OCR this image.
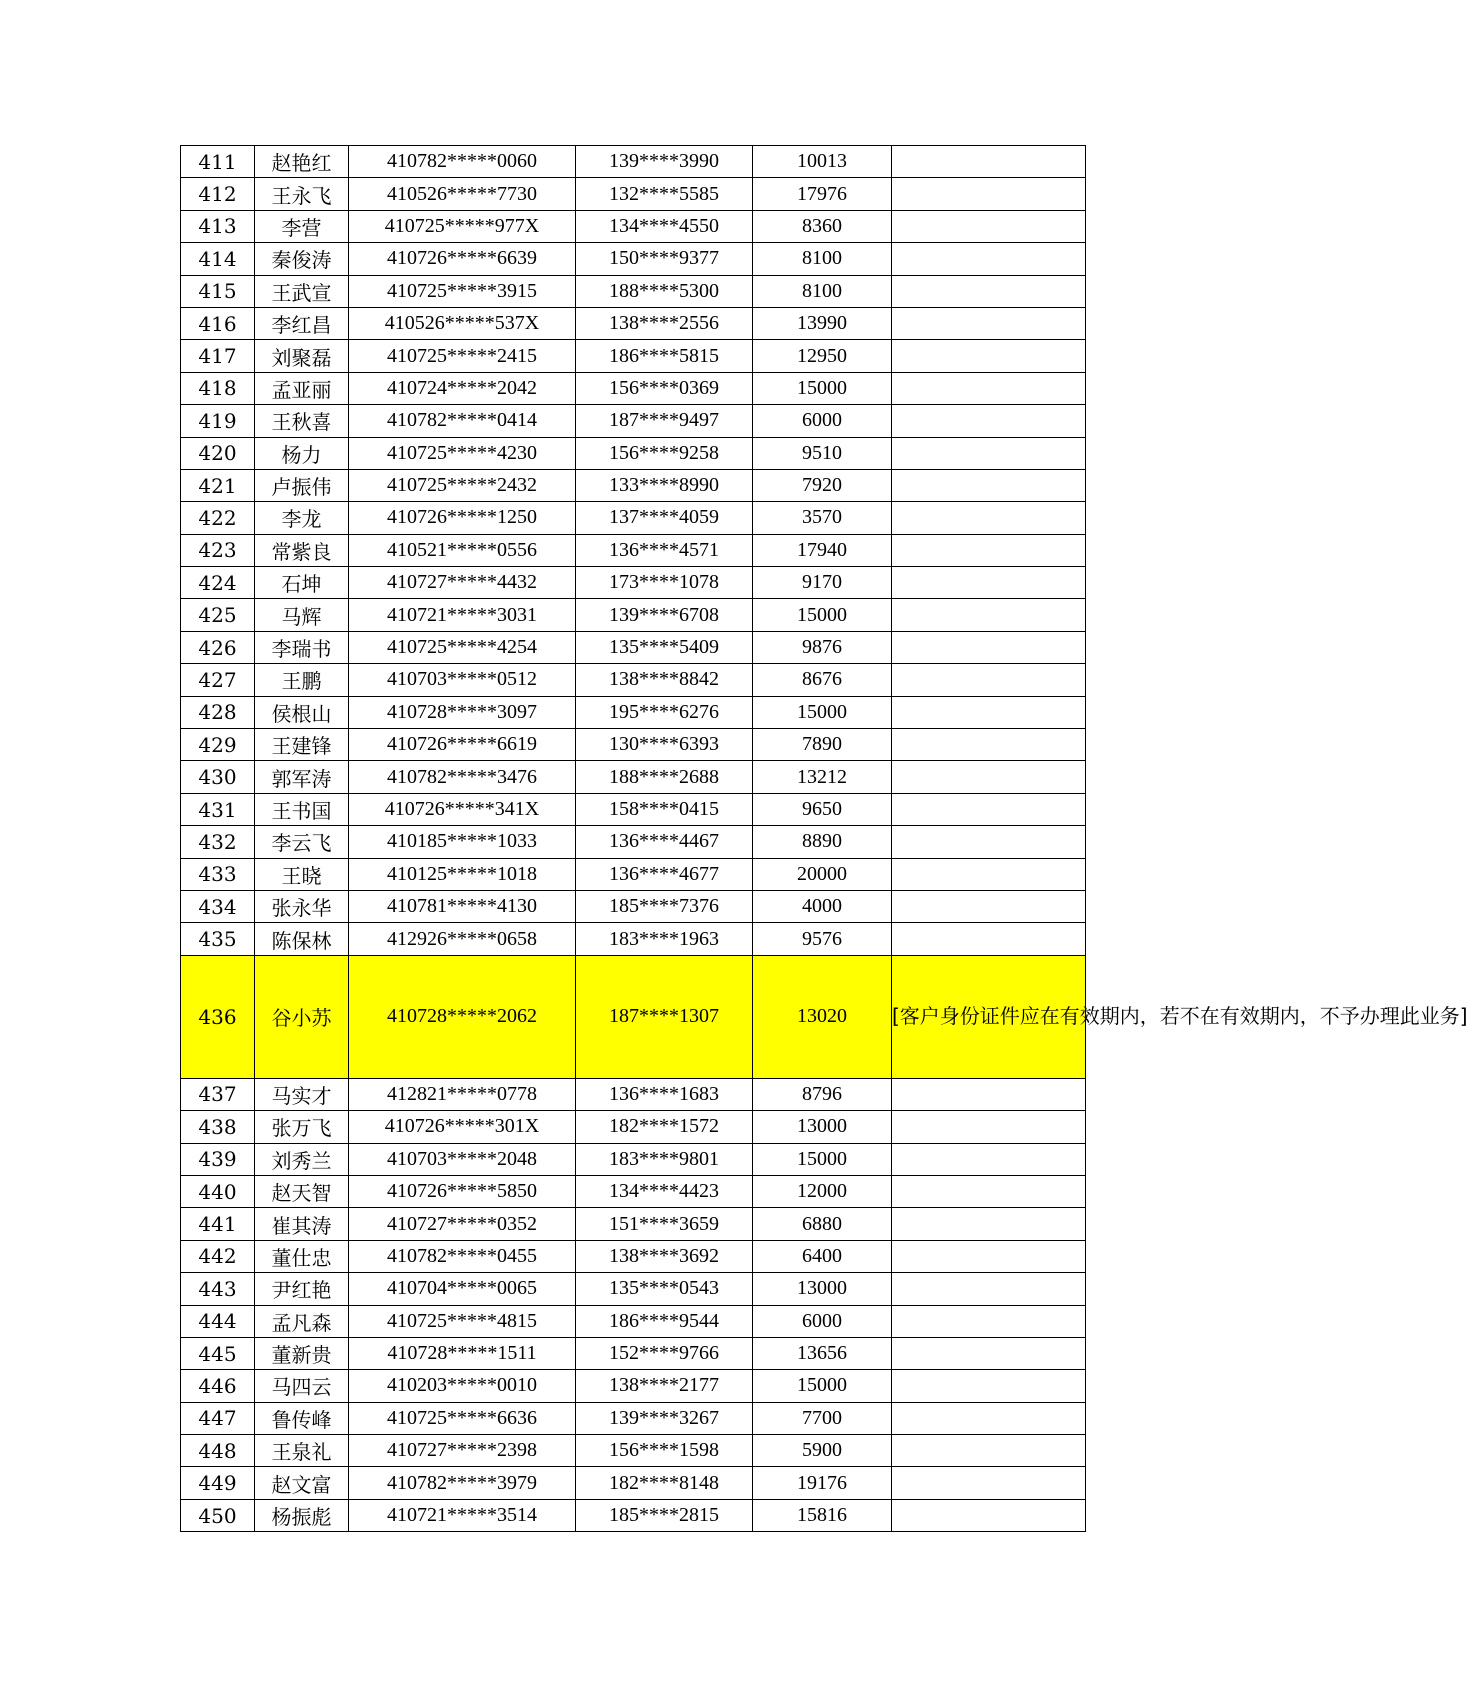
411	赵艳红	410782*****0060	139****3990	10013	
412	王永飞	410526*****7730	132****5585	17976	
413	李营	410725*****977X	134****4550	8360	
414	秦俊涛	410726*****6639	150****9377	8100	
415	王武宣	410725*****3915	188****5300	8100	
416	李红昌	410526*****537X	138****2556	13990	
417	刘聚磊	410725*****2415	186****5815	12950	
418	孟亚丽	410724*****2042	156****0369	15000	
419	王秋喜	410782*****0414	187****9497	6000	
420	杨力	410725*****4230	156****9258	9510	
421	卢振伟	410725*****2432	133****8990	7920	
422	李龙	410726*****1250	137****4059	3570	
423	常紫良	410521*****0556	136****4571	17940	
424	石坤	410727*****4432	173****1078	9170	
425	马辉	410721*****3031	139****6708	15000	
426	李瑞书	410725*****4254	135****5409	9876	
427	王鹏	410703*****0512	138****8842	8676	
428	侯根山	410728*****3097	195****6276	15000	
429	王建锋	410726*****6619	130****6393	7890	
430	郭军涛	410782*****3476	188****2688	13212	
431	王书国	410726*****341X	158****0415	9650	
432	李云飞	410185*****1033	136****4467	8890	
433	王晓	410125*****1018	136****4677	20000	
434	张永华	410781*****4130	185****7376	4000	
435	陈保林	412926*****0658	183****1963	9576	
436	谷小苏	410728*****2062	187****1307	13020	[客户身份证件应在有效期内，若不在有效期内，不予办理此业务]
437	马实才	412821*****0778	136****1683	8796	
438	张万飞	410726*****301X	182****1572	13000	
439	刘秀兰	410703*****2048	183****9801	15000	
440	赵天智	410726*****5850	134****4423	12000	
441	崔其涛	410727*****0352	151****3659	6880	
442	董仕忠	410782*****0455	138****3692	6400	
443	尹红艳	410704*****0065	135****0543	13000	
444	孟凡森	410725*****4815	186****9544	6000	
445	董新贵	410728*****1511	152****9766	13656	
446	马四云	410203*****0010	138****2177	15000	
447	鲁传峰	410725*****6636	139****3267	7700	
448	王泉礼	410727*****2398	156****1598	5900	
449	赵文富	410782*****3979	182****8148	19176	
450	杨振彪	410721*****3514	185****2815	15816	
